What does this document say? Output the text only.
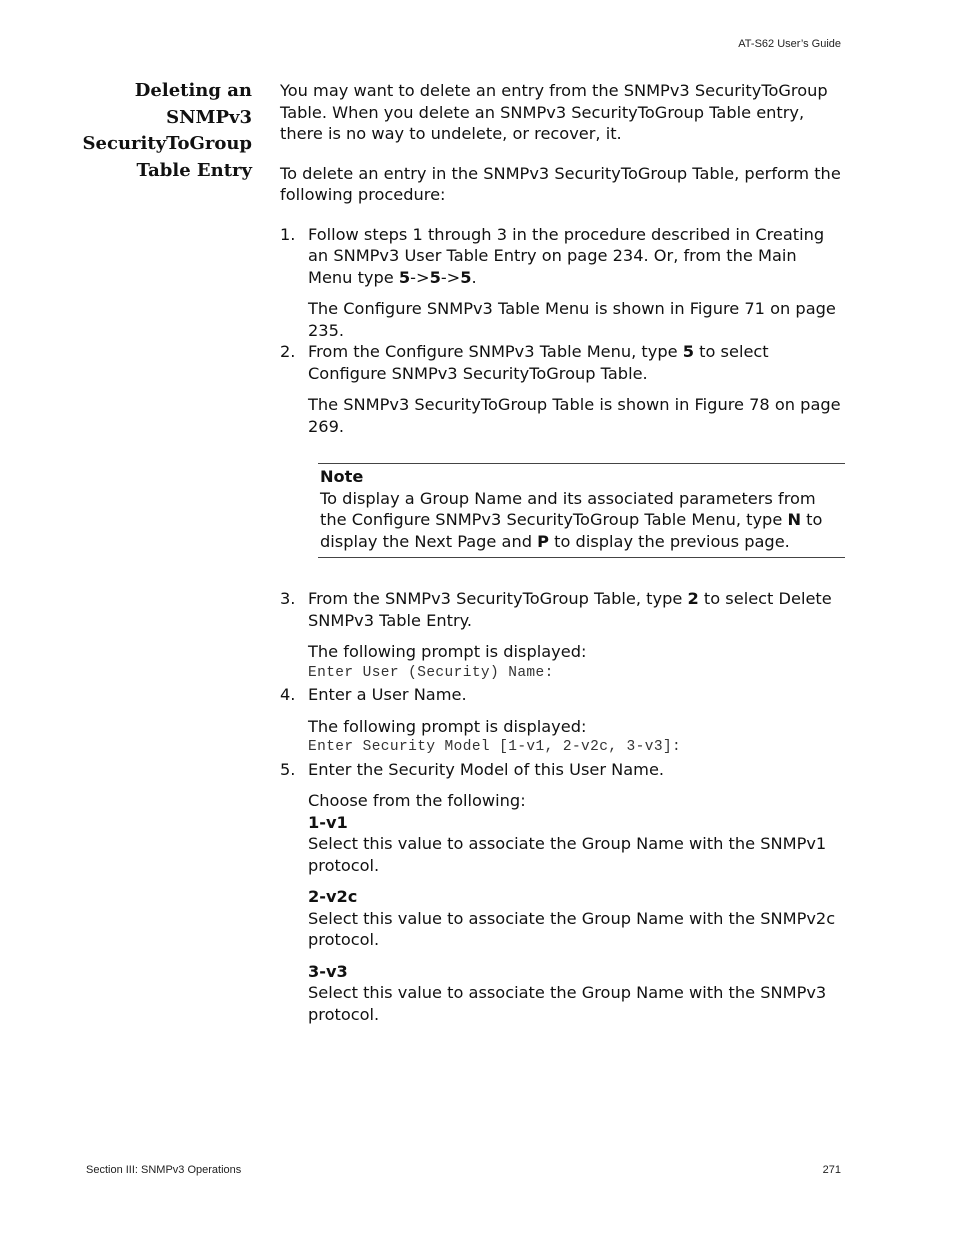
AT-S62 User’s Guide
Deleting an
SNMPv3
SecurityToGroup
Table Entry

You may want to delete an entry from the SNMPv3 SecurityToGroup Table. When you delete an SNMPv3 SecurityToGroup Table entry, there is no way to undelete, or recover, it.

To delete an entry in the SNMPv3 SecurityToGroup Table, perform the following procedure:

1. Follow steps 1 through 3 in the procedure described in Creating an SNMPv3 User Table Entry on page 234. Or, from the Main Menu type 5->5->5.

The Configure SNMPv3 Table Menu is shown in Figure 71 on page 235.

2. From the Configure SNMPv3 Table Menu, type 5 to select Configure SNMPv3 SecurityToGroup Table.

The SNMPv3 SecurityToGroup Table is shown in Figure 78 on page 269.

Note
To display a Group Name and its associated parameters from the Configure SNMPv3 SecurityToGroup Table Menu, type N to display the Next Page and P to display the previous page.
3. From the SNMPv3 SecurityToGroup Table, type 2 to select Delete SNMPv3 Table Entry.

The following prompt is displayed:

Enter User (Security) Name:

4. Enter a User Name.

The following prompt is displayed:

Enter Security Model [1-v1, 2-v2c, 3-v3]:

5. Enter the Security Model of this User Name.

Choose from the following:

1-v1
Select this value to associate the Group Name with the SNMPv1 protocol.
2-v2c
Select this value to associate the Group Name with the SNMPv2c protocol.
3-v3
Select this value to associate the Group Name with the SNMPv3 protocol.
Section III: SNMPv3 Operations	271
